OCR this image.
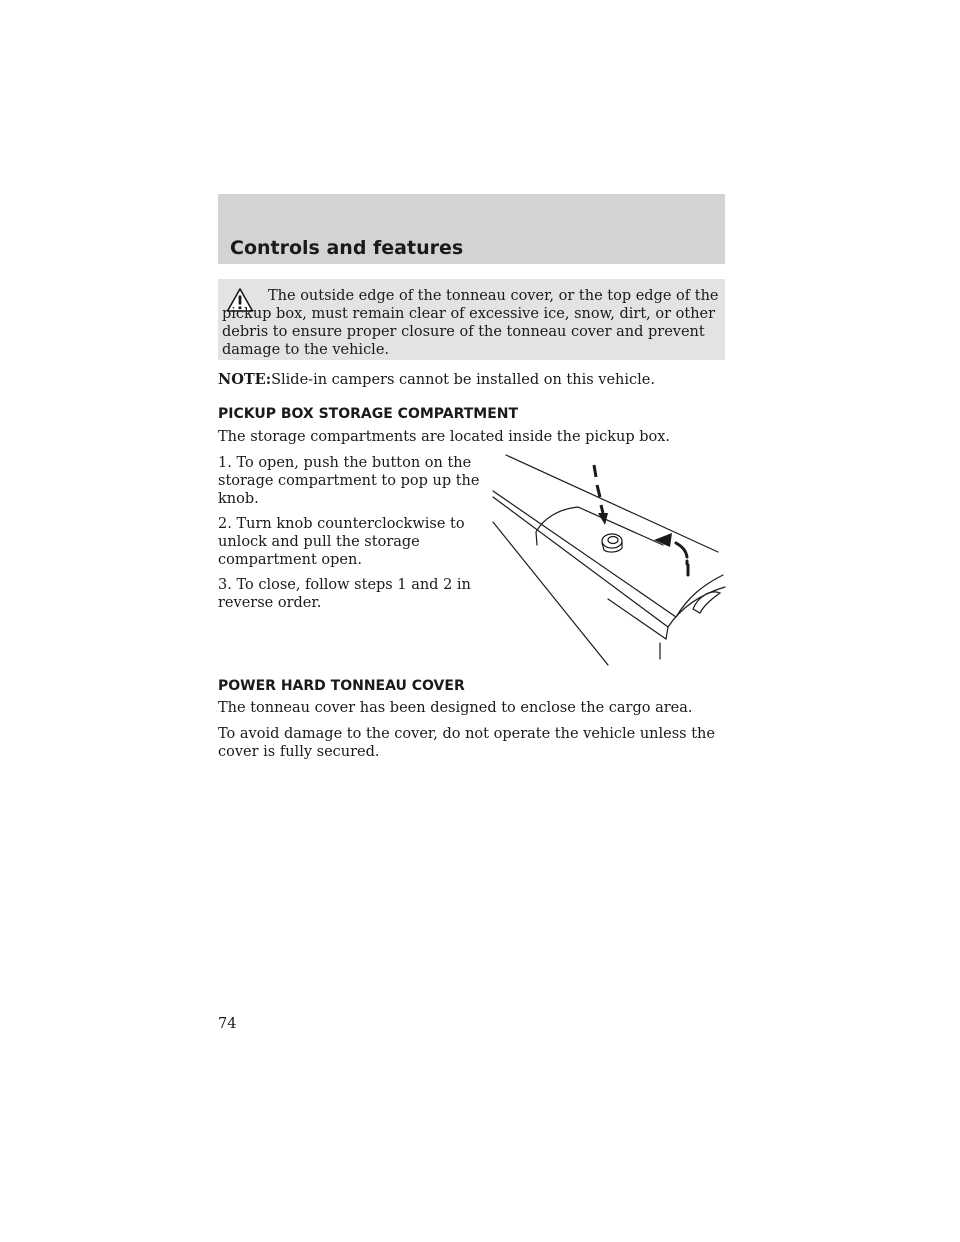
Controls and features

The outside edge of the tonneau cover, or the top edge of the pickup box, must remain clear of excessive ice, snow, dirt, or other debris to ensure proper closure of the tonneau cover and prevent damage to the vehicle.

NOTE:Slide-in campers cannot be installed on this vehicle.

PICKUP BOX STORAGE COMPARTMENT

The storage compartments are located inside the pickup box.

1. To open, push the button on the

storage compartment to pop up the

knob.

2. Turn knob counterclockwise to

unlock and pull the storage

compartment open.

3. To close, follow steps 1 and 2 in

reverse order.

POWER HARD TONNEAU COVER

The tonneau cover has been designed to enclose the cargo area.

To avoid damage to the cover, do not operate the vehicle unless the

cover is fully secured.

74
